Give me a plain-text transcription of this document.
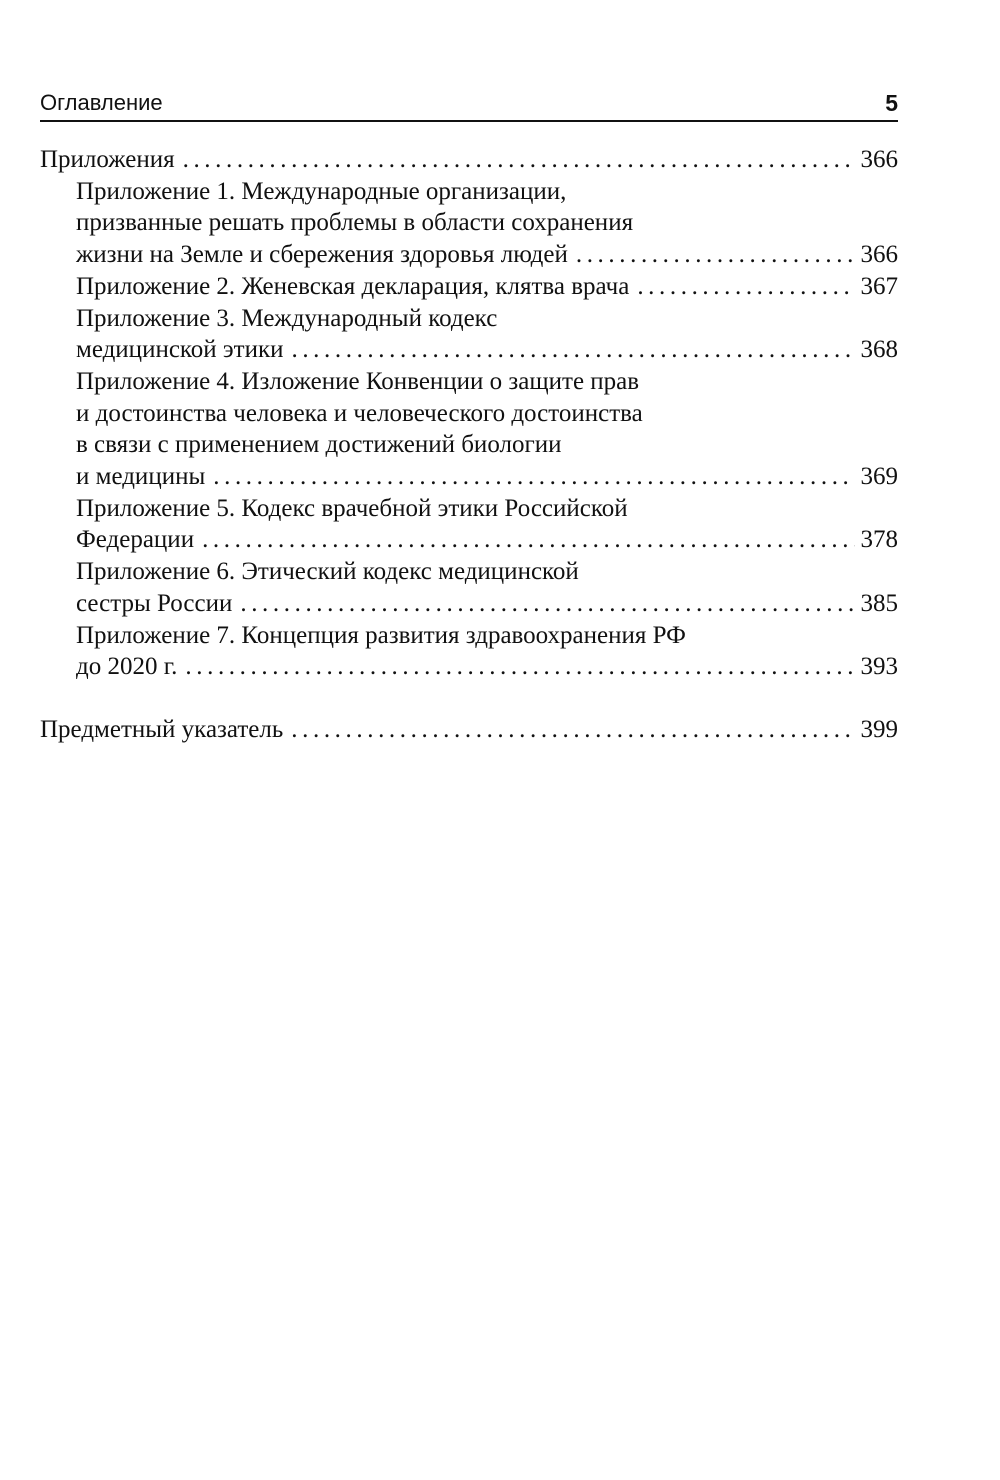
Оглавление	5
Приложения .....	366
Приложение 1. Международные организации,
призванные решать проблемы в области сохранения
жизни на Земле и сбережения здоровья людей .....	366
Приложение 2. Женевская декларация, клятва врача .....	367
Приложение 3. Международный кодекс
медицинской этики .....	368
Приложение 4. Изложение Конвенции о защите прав
и достоинства человека и человеческого достоинства
в связи с применением достижений биологии
и медицины .....	369
Приложение 5. Кодекс врачебной этики Российской
Федерации .....	378
Приложение 6. Этический кодекс медицинской
сестры России .....	385
Приложение 7. Концепция развития здравоохранения РФ
до 2020 г. .....	393
Предметный указатель .....	399
